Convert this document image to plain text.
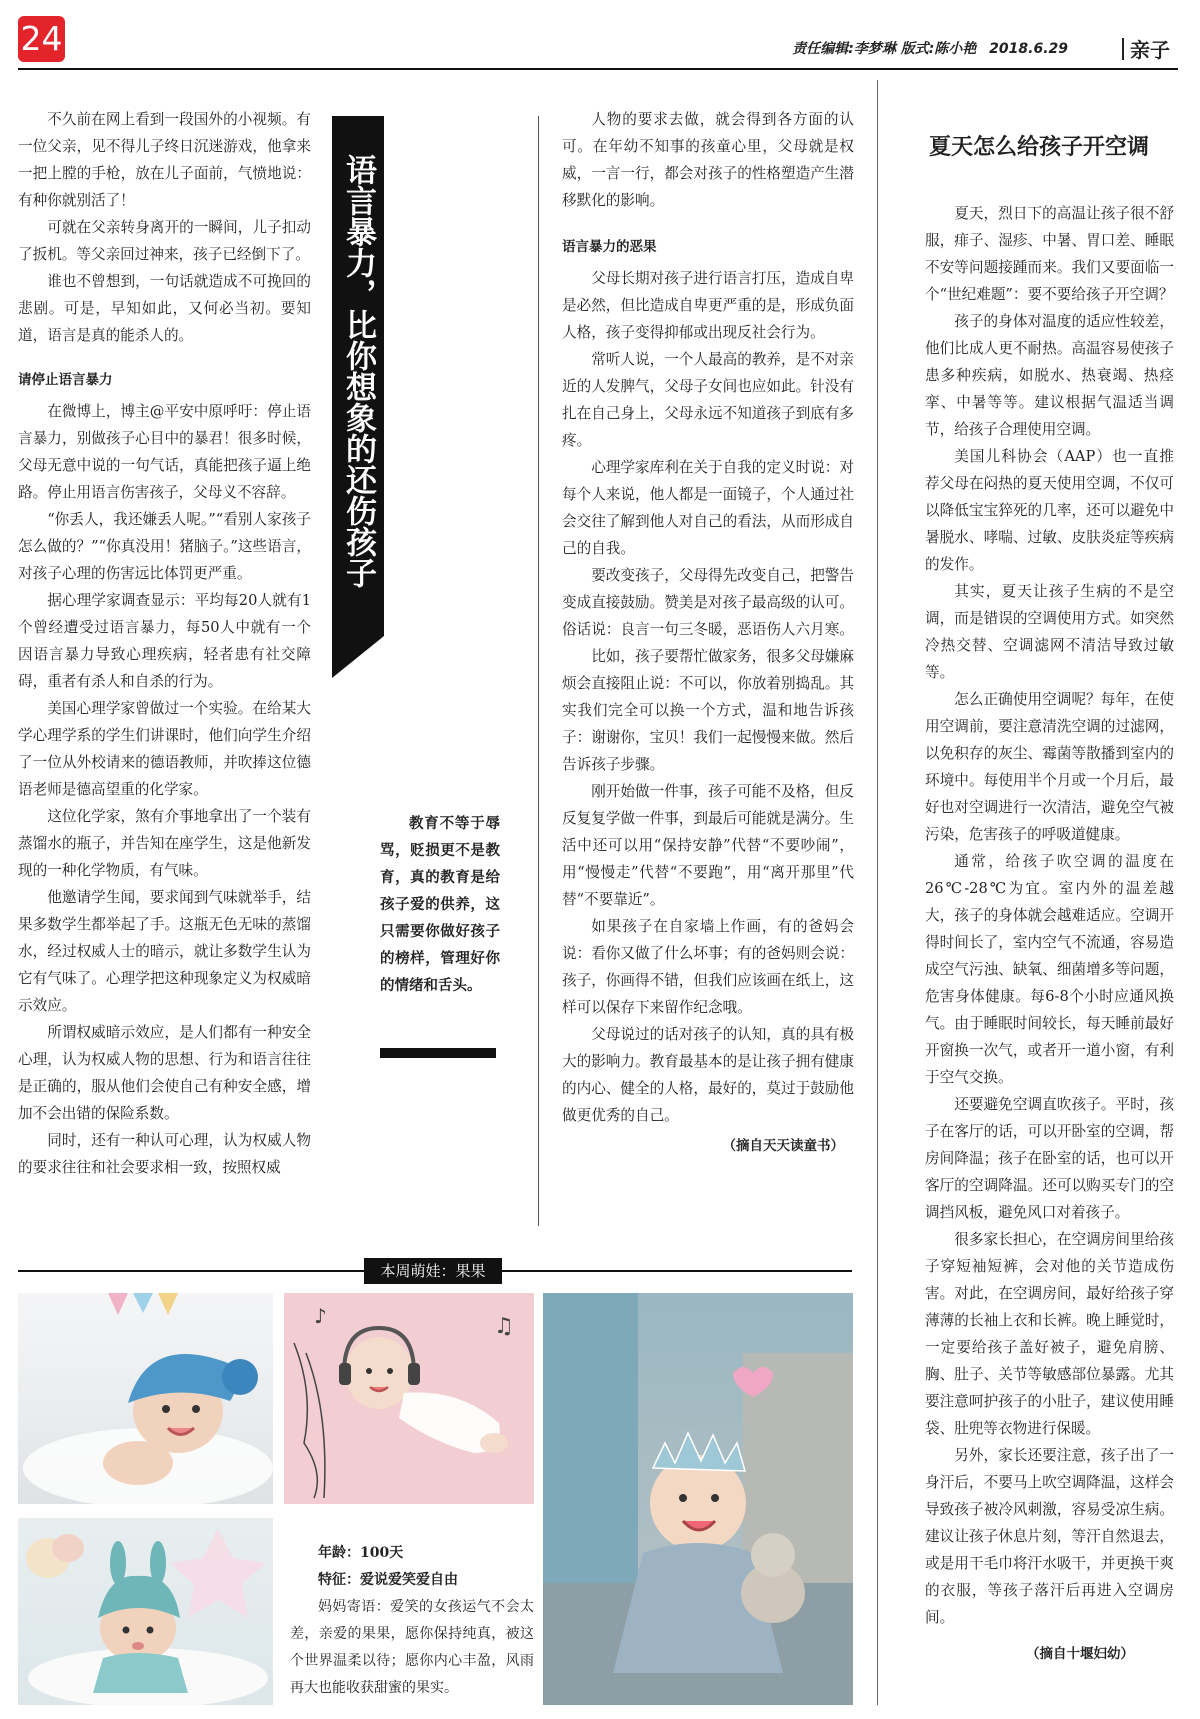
24	责任编辑:李梦琳 版式:陈小艳 2018.6.29	亲子

不久前在网上看到一段国外的小视频。有一位父亲，见不得儿子终日沉迷游戏，他拿来一把上膛的手枪，放在儿子面前，气愤地说：有种你就别活了！

可就在父亲转身离开的一瞬间，儿子扣动了扳机。等父亲回过神来，孩子已经倒下了。

谁也不曾想到，一句话就造成不可挽回的悲剧。可是，早知如此，又何必当初。要知道，语言是真的能杀人的。

请停止语言暴力

在微博上，博主@平安中原呼吁：停止语言暴力，别做孩子心目中的暴君！很多时候，父母无意中说的一句气话，真能把孩子逼上绝路。停止用语言伤害孩子，父母义不容辞。

“你丢人，我还嫌丢人呢。”“看别人家孩子怎么做的？”“你真没用！猪脑子。”这些语言，对孩子心理的伤害远比体罚更严重。

据心理学家调查显示：平均每20人就有1个曾经遭受过语言暴力，每50人中就有一个因语言暴力导致心理疾病，轻者患有社交障碍，重者有杀人和自杀的行为。

美国心理学家曾做过一个实验。在给某大学心理学系的学生们讲课时，他们向学生介绍了一位从外校请来的德语教师，并吹捧这位德语老师是德高望重的化学家。

这位化学家，煞有介事地拿出了一个装有蒸馏水的瓶子，并告知在座学生，这是他新发现的一种化学物质，有气味。

他邀请学生闻，要求闻到气味就举手，结果多数学生都举起了手。这瓶无色无味的蒸馏水，经过权威人士的暗示，就让多数学生认为它有气味了。心理学把这种现象定义为权威暗示效应。

所谓权威暗示效应，是人们都有一种安全心理，认为权威人物的思想、行为和语言往往是正确的，服从他们会使自己有种安全感，增加不会出错的保险系数。

同时，还有一种认可心理，认为权威人物的要求往往和社会要求相一致，按照权威

语言暴力，比你想象的还伤孩子
教育不等于辱骂，贬损更不是教育，真的教育是给孩子爱的供养，这只需要你做好孩子的榜样，管理好你的情绪和舌头。

人物的要求去做，就会得到各方面的认可。在年幼不知事的孩童心里，父母就是权威，一言一行，都会对孩子的性格塑造产生潜移默化的影响。

语言暴力的恶果

父母长期对孩子进行语言打压，造成自卑是必然，但比造成自卑更严重的是，形成负面人格，孩子变得抑郁或出现反社会行为。

常听人说，一个人最高的教养，是不对亲近的人发脾气，父母子女间也应如此。针没有扎在自己身上，父母永远不知道孩子到底有多疼。

心理学家库利在关于自我的定义时说：对每个人来说，他人都是一面镜子，个人通过社会交往了解到他人对自己的看法，从而形成自己的自我。

要改变孩子，父母得先改变自己，把警告变成直接鼓励。赞美是对孩子最高级的认可。俗话说：良言一句三冬暖，恶语伤人六月寒。

比如，孩子要帮忙做家务，很多父母嫌麻烦会直接阻止说：不可以，你放着别捣乱。其实我们完全可以换一个方式，温和地告诉孩子：谢谢你，宝贝！我们一起慢慢来做。然后告诉孩子步骤。

刚开始做一件事，孩子可能不及格，但反反复复学做一件事，到最后可能就是满分。生活中还可以用“保持安静”代替“不要吵闹”，用“慢慢走”代替“不要跑”，用“离开那里”代替“不要靠近”。

如果孩子在自家墙上作画，有的爸妈会说：看你又做了什么坏事；有的爸妈则会说：孩子，你画得不错，但我们应该画在纸上，这样可以保存下来留作纪念哦。

父母说过的话对孩子的认知，真的具有极大的影响力。教育最基本的是让孩子拥有健康的内心、健全的人格，最好的，莫过于鼓励他做更优秀的自己。

（摘自天天读童书）

夏天怎么给孩子开空调

夏天，烈日下的高温让孩子很不舒服，痱子、湿疹、中暑、胃口差、睡眠不安等问题接踵而来。我们又要面临一个“世纪难题”：要不要给孩子开空调？

孩子的身体对温度的适应性较差，他们比成人更不耐热。高温容易使孩子患多种疾病，如脱水、热衰竭、热痉挛、中暑等等。建议根据气温适当调节，给孩子合理使用空调。

美国儿科协会（AAP）也一直推荐父母在闷热的夏天使用空调，不仅可以降低宝宝猝死的几率，还可以避免中暑脱水、哮喘、过敏、皮肤炎症等疾病的发作。

其实，夏天让孩子生病的不是空调，而是错误的空调使用方式。如突然冷热交替、空调滤网不清洁导致过敏等。

怎么正确使用空调呢？每年，在使用空调前，要注意清洗空调的过滤网，以免积存的灰尘、霉菌等散播到室内的环境中。每使用半个月或一个月后，最好也对空调进行一次清洁，避免空气被污染，危害孩子的呼吸道健康。

通常，给孩子吹空调的温度在26℃-28℃为宜。室内外的温差越大，孩子的身体就会越难适应。空调开得时间长了，室内空气不流通，容易造成空气污浊、缺氧、细菌增多等问题，危害身体健康。每6-8个小时应通风换气。由于睡眠时间较长，每天睡前最好开窗换一次气，或者开一道小窗，有利于空气交换。

还要避免空调直吹孩子。平时，孩子在客厅的话，可以开卧室的空调，帮房间降温；孩子在卧室的话，也可以开客厅的空调降温。还可以购买专门的空调挡风板，避免风口对着孩子。

很多家长担心，在空调房间里给孩子穿短袖短裤，会对他的关节造成伤害。对此，在空调房间，最好给孩子穿薄薄的长袖上衣和长裤。晚上睡觉时，一定要给孩子盖好被子，避免肩膀、胸、肚子、关节等敏感部位暴露。尤其要注意呵护孩子的小肚子，建议使用睡袋、肚兜等衣物进行保暖。

另外，家长还要注意，孩子出了一身汗后，不要马上吹空调降温，这样会导致孩子被冷风刺激，容易受凉生病。建议让孩子休息片刻，等汗自然退去，或是用干毛巾将汗水吸干，并更换干爽的衣服，等孩子落汗后再进入空调房间。

（摘自十堰妇幼）

本周萌娃：果果
♪	♫

年龄：100天

特征：爱说爱笑爱自由

妈妈寄语：爱笑的女孩运气不会太差，亲爱的果果，愿你保持纯真，被这个世界温柔以待；愿你内心丰盈，风雨再大也能收获甜蜜的果实。
